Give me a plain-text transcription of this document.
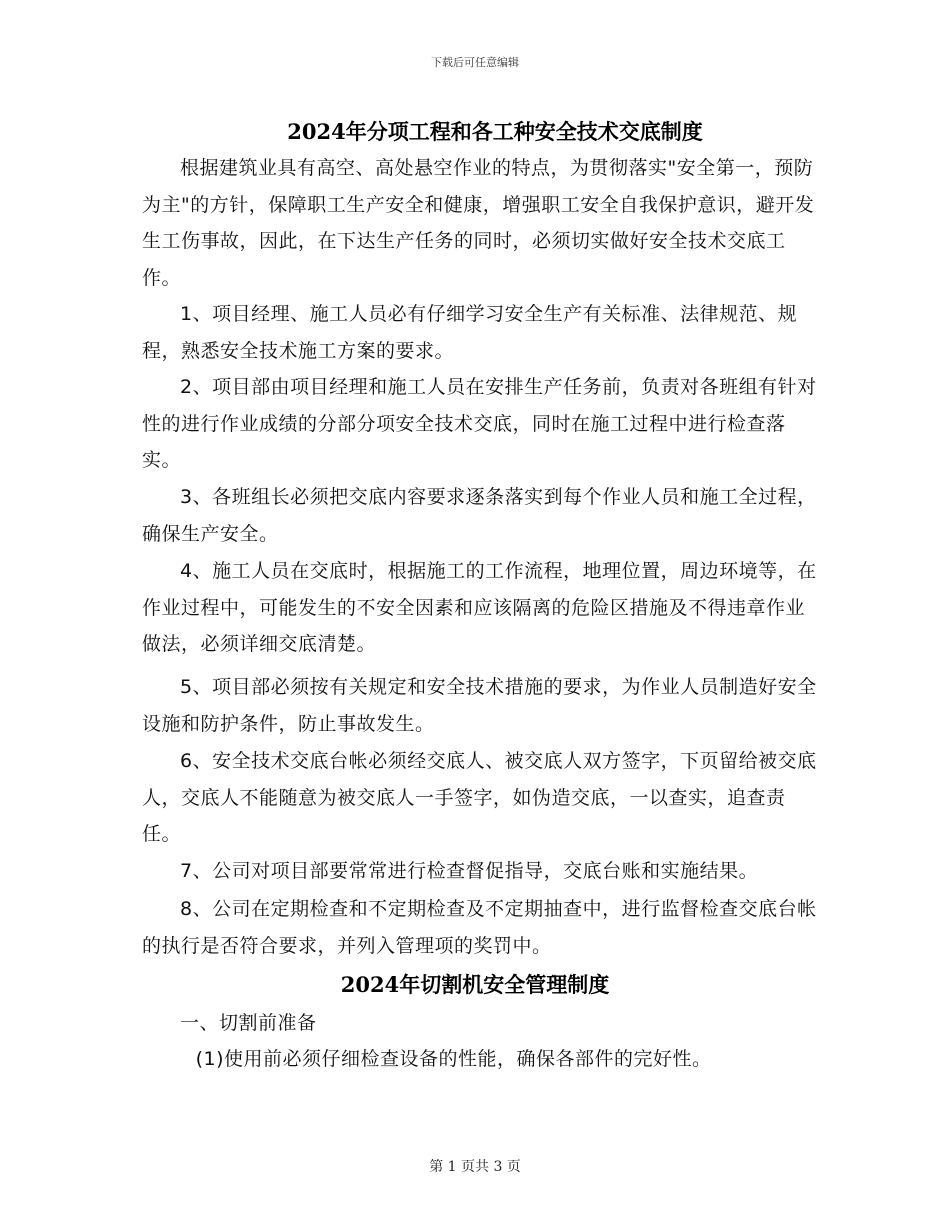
下载后可任意编辑
2024年分项工程和各工种安全技术交底制度

根据建筑业具有高空、高处悬空作业的特点，为贯彻落实"安全第一，预防为主"的方针，保障职工生产安全和健康，增强职工安全自我保护意识，避开发生工伤事故，因此，在下达生产任务的同时，必须切实做好安全技术交底工作。

1、项目经理、施工人员必有仔细学习安全生产有关标准、法律规范、规程，熟悉安全技术施工方案的要求。

2、项目部由项目经理和施工人员在安排生产任务前，负责对各班组有针对性的进行作业成绩的分部分项安全技术交底，同时在施工过程中进行检查落实。

3、各班组长必须把交底内容要求逐条落实到每个作业人员和施工全过程，确保生产安全。

4、施工人员在交底时，根据施工的工作流程，地理位置，周边环境等，在作业过程中，可能发生的不安全因素和应该隔离的危险区措施及不得违章作业做法，必须详细交底清楚。

5、项目部必须按有关规定和安全技术措施的要求，为作业人员制造好安全设施和防护条件，防止事故发生。

6、安全技术交底台帐必须经交底人、被交底人双方签字，下页留给被交底人，交底人不能随意为被交底人一手签字，如伪造交底，一以查实，追查责任。

7、公司对项目部要常常进行检查督促指导，交底台账和实施结果。

8、公司在定期检查和不定期检查及不定期抽查中，进行监督检查交底台帐的执行是否符合要求，并列入管理项的奖罚中。

2024年切割机安全管理制度

一、切割前准备

(1)使用前必须仔细检查设备的性能，确保各部件的完好性。

第 1 页共 3 页
